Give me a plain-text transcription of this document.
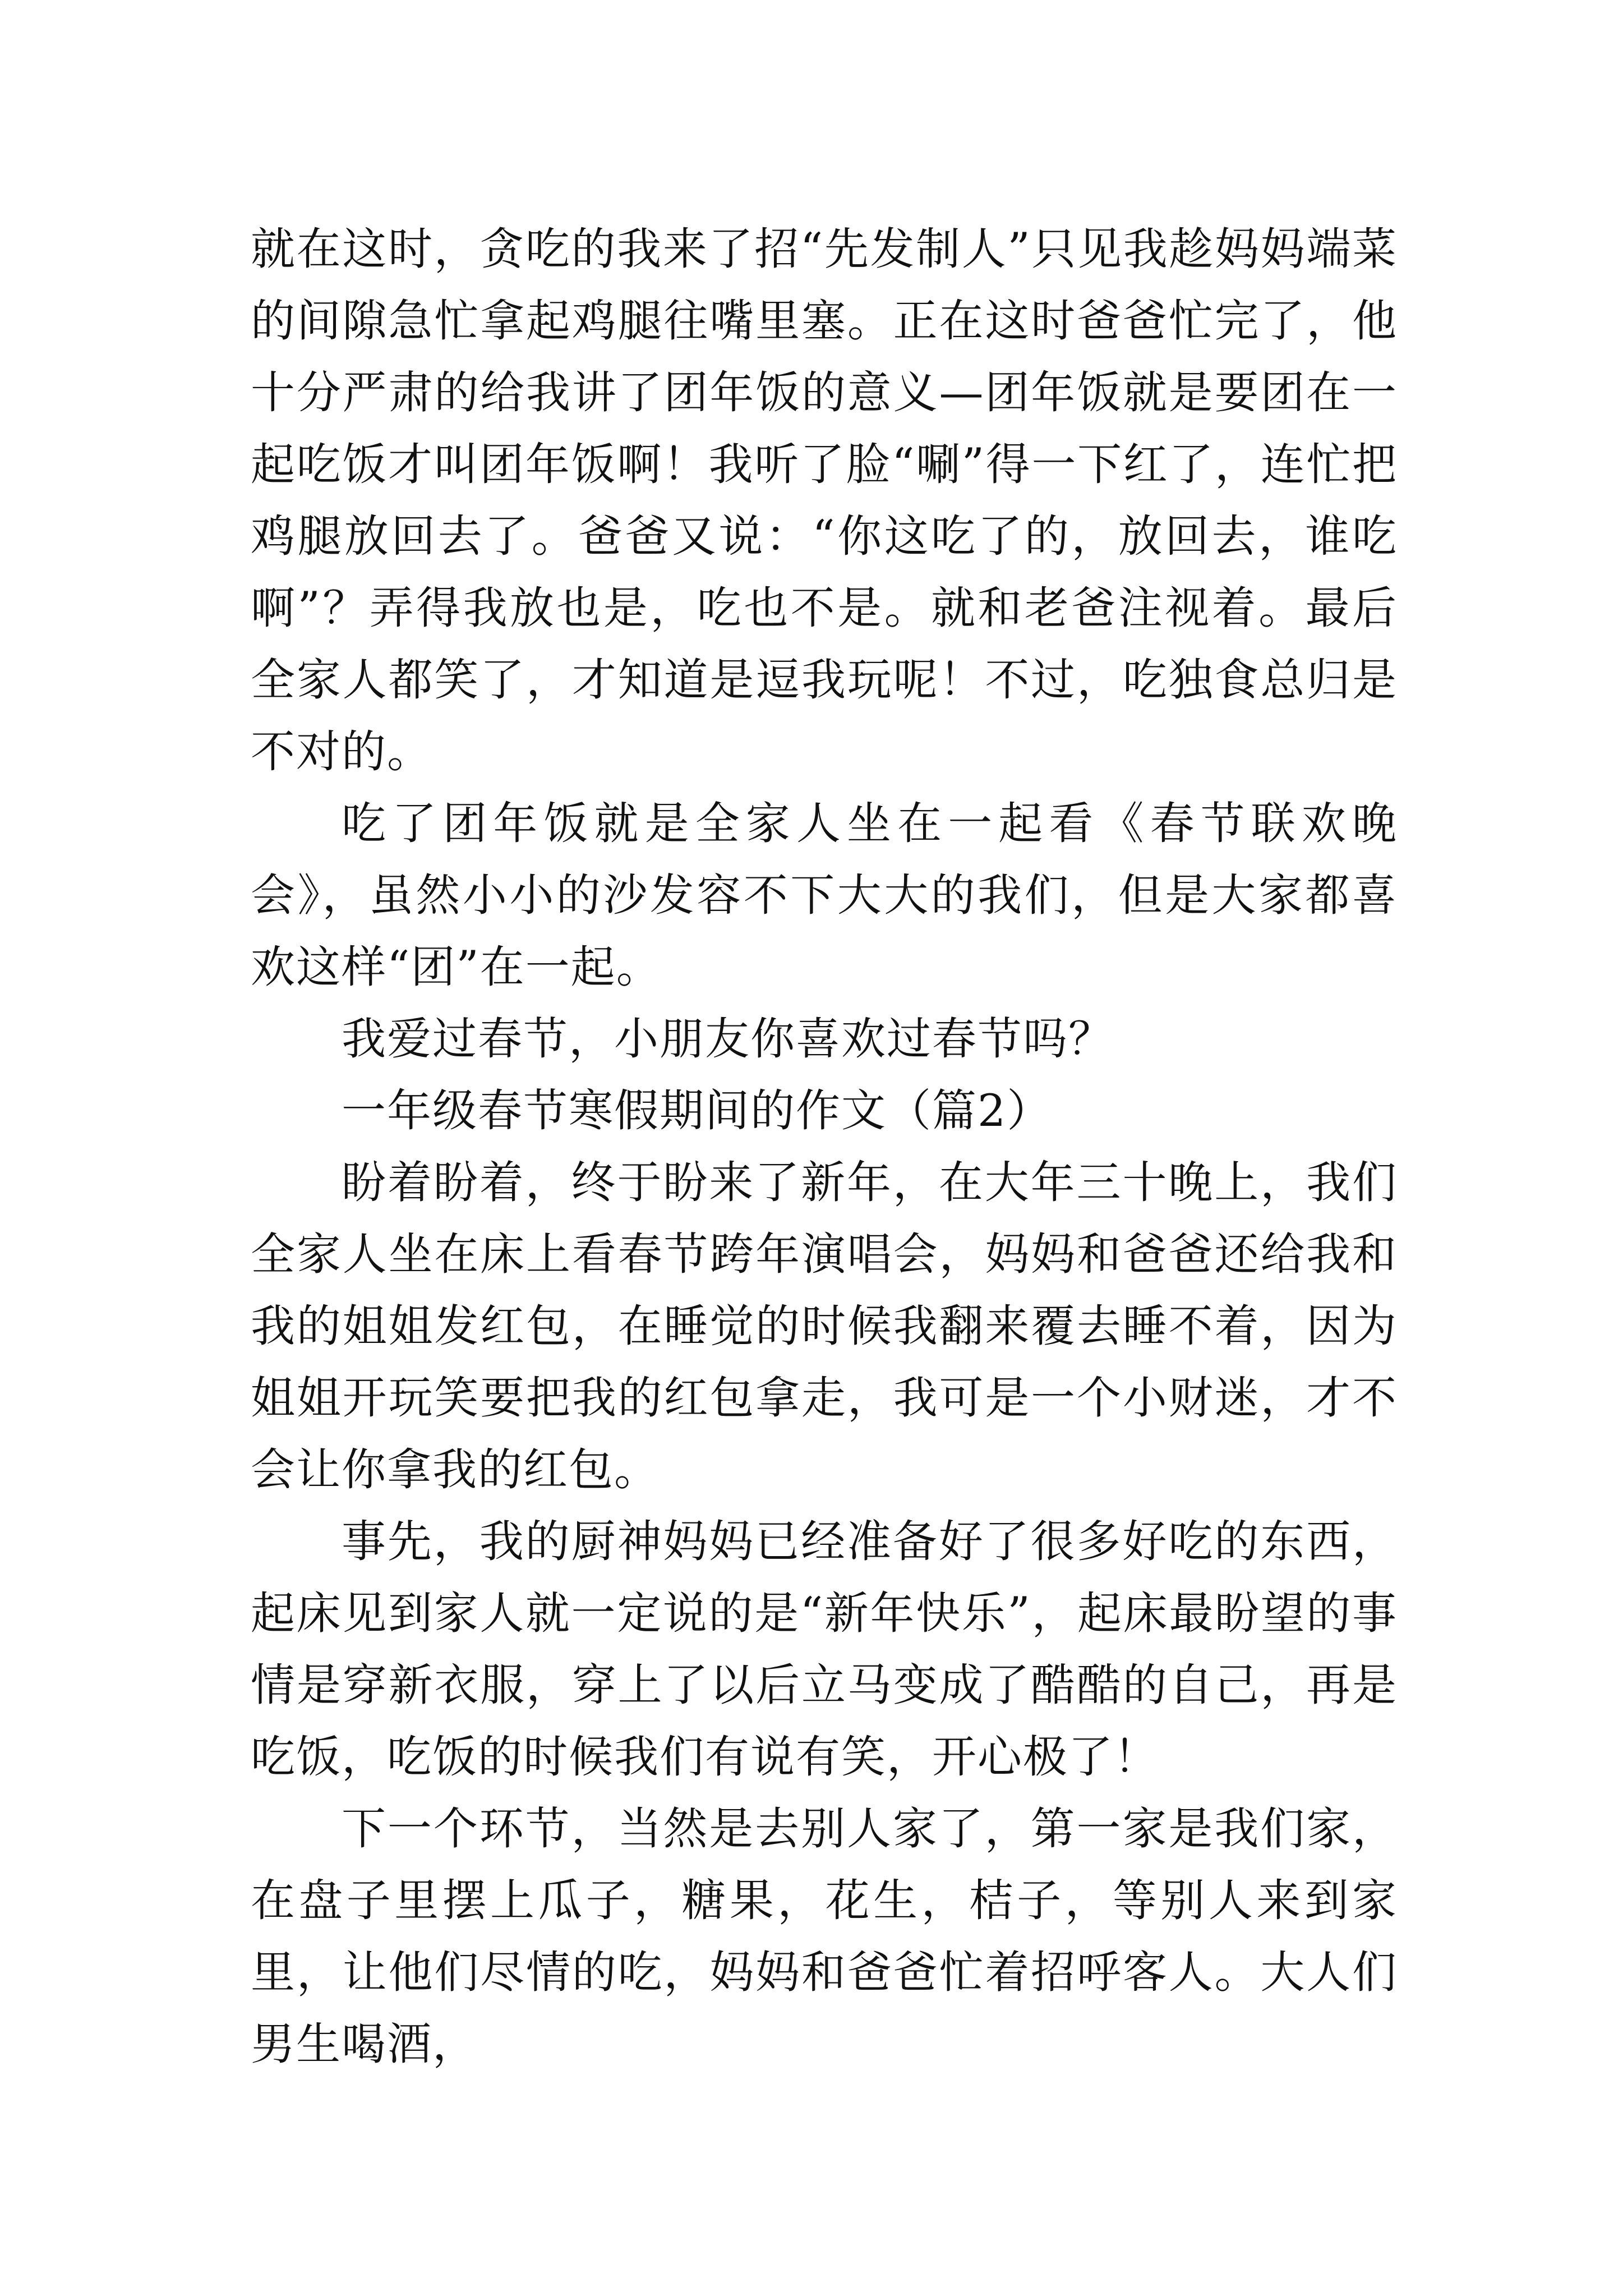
就在这时，贪吃的我来了招“先发制人”只见我趁妈妈端菜的间隙急忙拿起鸡腿往嘴里塞。正在这时爸爸忙完了，他十分严肃的给我讲了团年饭的意义—团年饭就是要团在一起吃饭才叫团年饭啊！我听了脸“唰”得一下红了，连忙把鸡腿放回去了。爸爸又说：“你这吃了的，放回去，谁吃啊”？弄得我放也是，吃也不是。就和老爸注视着。最后全家人都笑了，才知道是逗我玩呢！不过，吃独食总归是不对的。

吃了团年饭就是全家人坐在一起看《春节联欢晚会》，虽然小小的沙发容不下大大的我们，但是大家都喜欢这样“团”在一起。

我爱过春节，小朋友你喜欢过春节吗？

一年级春节寒假期间的作文（篇2）

盼着盼着，终于盼来了新年，在大年三十晚上，我们全家人坐在床上看春节跨年演唱会，妈妈和爸爸还给我和我的姐姐发红包，在睡觉的时候我翻来覆去睡不着，因为姐姐开玩笑要把我的红包拿走，我可是一个小财迷，才不会让你拿我的红包。

事先，我的厨神妈妈已经准备好了很多好吃的东西，起床见到家人就一定说的是“新年快乐”，起床最盼望的事情是穿新衣服，穿上了以后立马变成了酷酷的自己，再是吃饭，吃饭的时候我们有说有笑，开心极了！

下一个环节，当然是去别人家了，第一家是我们家，在盘子里摆上瓜子，糖果，花生，桔子，等别人来到家里，让他们尽情的吃，妈妈和爸爸忙着招呼客人。大人们男生喝酒，
